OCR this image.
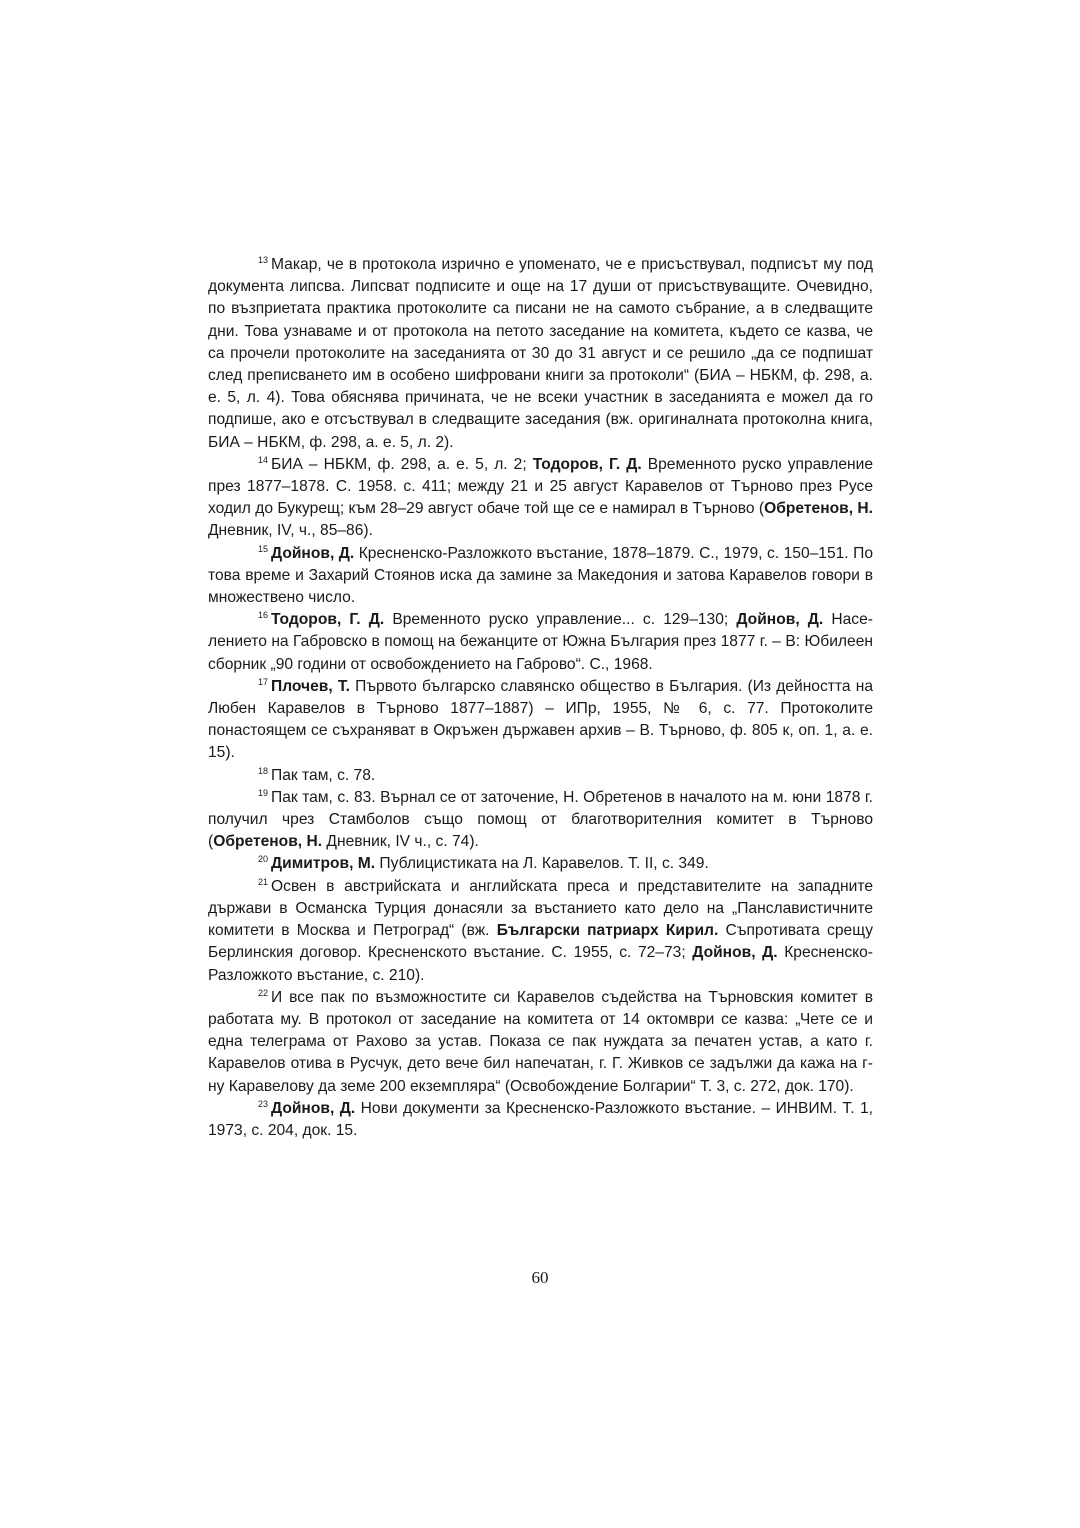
$^{13}$ Макар, че в протокола изрично е упоменато, че е присъствувал, подписът му под документа липсва. Липсват подписите и още на 17 души от присъствуващите. Очевидно, по възприетата практика протоколите са писани не на самото събрание, а в следващите дни. Това узнаваме и от протокола на петото заседание на комитета, където се казва, че са прочели протоколите на заседанията от 30 до 31 август и се решило „да се подпишат след преписването им в особено шифровани книги за протоколи“ (БИА – НБКМ, ф. 298, а. е. 5, л. 4). Това обяснява причината, че не всеки участник в заседанията е можел да го подпише, ако е отсъствувал в следващите заседания (вж. оригиналната протоколна книга, БИА – НБКМ, ф. 298, а. е. 5, л. 2).

$^{14}$ БИА – НБКМ, ф. 298, а. е. 5, л. 2; Тодоров, Г. Д. Временното руско управление през 1877–1878. С. 1958. с. 411; между 21 и 25 август Каравелов от Търново през Русе ходил до Букурещ; към 28–29 август обаче той ще се е намирал в Търново (Обретенов, Н. Дневник, IV, ч., 85–86).

$^{15}$ Дойнов, Д. Кресненско-Разложкото въстание, 1878–1879. С., 1979, с. 150–151. По това време и Захарий Стоянов иска да замине за Македония и затова Каравелов говори в множествено число.

$^{16}$ Тодоров, Г. Д. Временното руско управление... с. 129–130; Дойнов, Д. Населението на Габровско в помощ на бежанците от Южна България през 1877 г. – В: Юбилеен сборник „90 години от освобождението на Габрово“. С., 1968.

$^{17}$ Плочев, Т. Първото българско славянско общество в България. (Из дейността на Любен Каравелов в Търново 1877–1887) – ИПр, 1955, № 6, с. 77. Протоколите понастоящем се съхраняват в Окръжен държавен архив – В. Търново, ф. 805 к, оп. 1, а. е. 15).

$^{18}$ Пак там, с. 78.

$^{19}$ Пак там, с. 83. Върнал се от заточение, Н. Обретенов в началото на м. юни 1878 г. получил чрез Стамболов също помощ от благотворителния комитет в Търново (Обретенов, Н. Дневник, IV ч., с. 74).

$^{20}$ Димитров, М. Публицистиката на Л. Каравелов. Т. II, с. 349.

$^{21}$ Освен в австрийската и английската преса и представителите на западните държави в Османска Турция донасяли за въстанието като дело на „Панславистичните комитети в Москва и Петроград“ (вж. Български патриарх Кирил. Съпротивата срещу Берлинския договор. Кресненското въстание. С. 1955, с. 72–73; Дойнов, Д. Кресненско-Разложкото въстание, с. 210).

$^{22}$ И все пак по възможностите си Каравелов съдейства на Търновския комитет в работата му. В протокол от заседание на комитета от 14 октомври се казва: „Чете се и една телеграма от Рахово за устав. Показа се пак нуждата за печатен устав, а като г. Каравелов отива в Русчук, дето вече бил напечатан, г. Г. Живков се задължи да кажа на г-ну Каравелову да земе 200 екземпляра“ (Освобождение Болгарии“ Т. 3, с. 272, док. 170).

$^{23}$ Дойнов, Д. Нови документи за Кресненско-Разложкото въстание. – ИНВИМ. Т. 1, 1973, с. 204, док. 15.

60
